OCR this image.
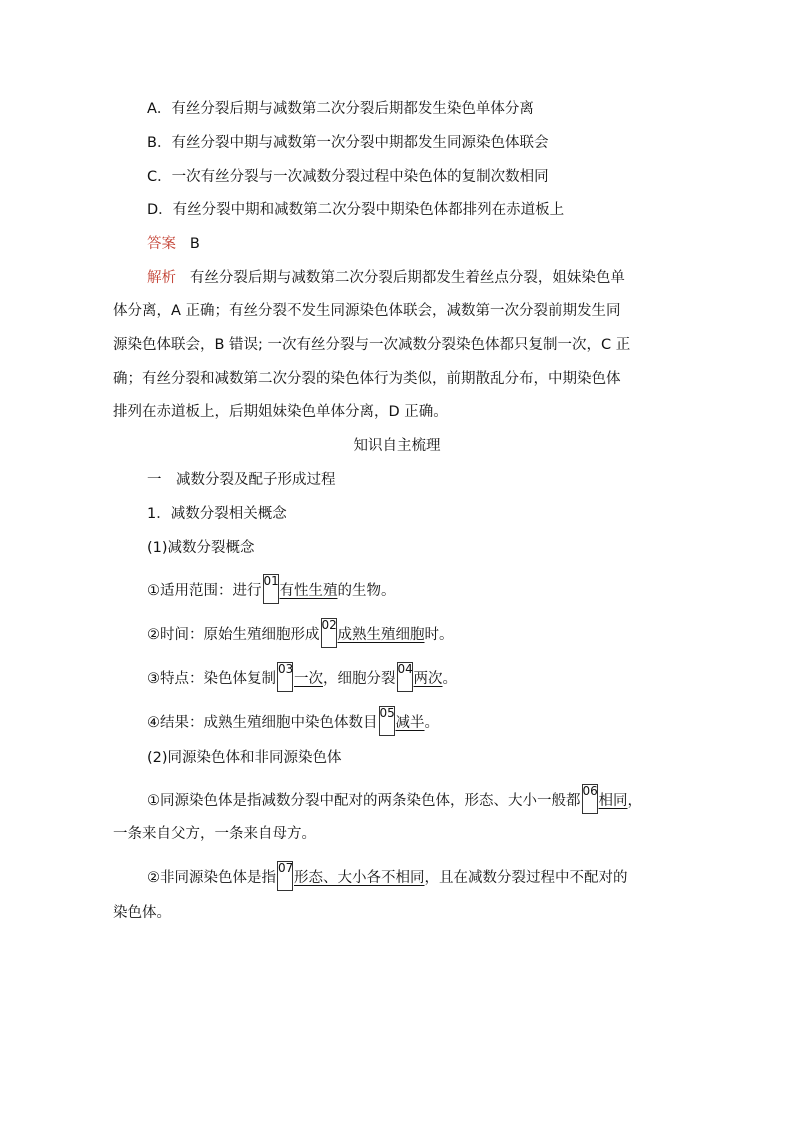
A．有丝分裂后期与减数第二次分裂后期都发生染色单体分离
B．有丝分裂中期与减数第一次分裂中期都发生同源染色体联会
C．一次有丝分裂与一次减数分裂过程中染色体的复制次数相同
D．有丝分裂中期和减数第二次分裂中期染色体都排列在赤道板上
答案 B
解析 有丝分裂后期与减数第二次分裂后期都发生着丝点分裂，姐妹染色单
体分离，A 正确；有丝分裂不发生同源染色体联会，减数第一次分裂前期发生同
源染色体联会，B 错误; 一次有丝分裂与一次减数分裂染色体都只复制一次，C 正
确；有丝分裂和减数第二次分裂的染色体行为类似，前期散乱分布，中期染色体
排列在赤道板上，后期姐妹染色单体分离，D 正确。
知识自主梳理
一　减数分裂及配子形成过程
1．减数分裂相关概念
(1)减数分裂概念
①适用范围：进行
01
有性生殖的生物。
②时间：原始生殖细胞形成
02
成熟生殖细胞时。
③特点：染色体复制
03
一次，细胞分裂
04
两次。
④结果：成熟生殖细胞中染色体数目
05
减半。
(2)同源染色体和非同源染色体
①同源染色体是指减数分裂中配对的两条染色体，形态、大小一般都
06
相同，
一条来自父方，一条来自母方。
②非同源染色体是指
07
形态、大小各不相同，且在减数分裂过程中不配对的
染色体。
